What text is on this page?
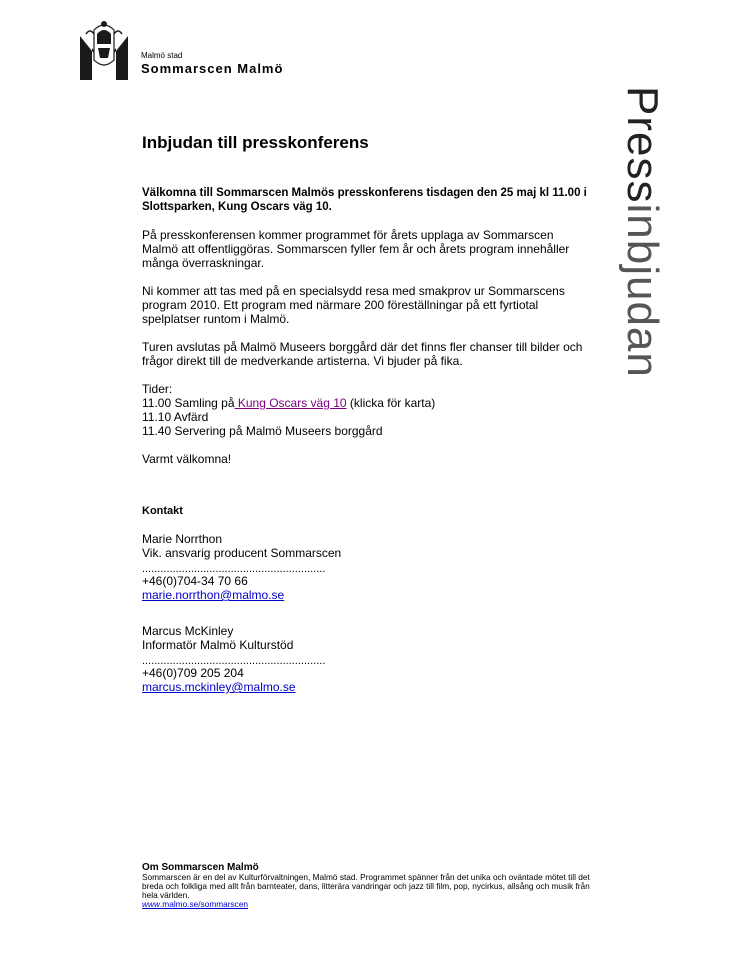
Malmö stad
Sommarscen Malmö
Pressinbjudan
Inbjudan till presskonferens

Välkomna till Sommarscen Malmös presskonferens tisdagen den 25 maj kl 11.00 i Slottsparken, Kung Oscars väg 10.

På presskonferensen kommer programmet för årets upplaga av Sommarscen Malmö att offentliggöras. Sommarscen fyller fem år och årets program innehåller många överraskningar.

Ni kommer att tas med på en specialsydd resa med smakprov ur Sommarscens program 2010. Ett program med närmare 200 föreställningar på ett fyrtiotal spelplatser runtom i Malmö.

Turen avslutas på Malmö Museers borggård där det finns fler chanser till bilder och frågor direkt till de medverkande artisterna. Vi bjuder på fika.

Tider:
11.00 Samling på Kung Oscars väg 10 (klicka för karta)
11.10 Avfärd
11.40 Servering på Malmö Museers borggård

Varmt välkomna!

Kontakt
Marie Norrthon
Vik. ansvarig producent Sommarscen
............................................................
+46(0)704-34 70 66
marie.norrthon@malmo.se
Marcus McKinley
Informatör Malmö Kulturstöd
............................................................
+46(0)709 205 204
marcus.mckinley@malmo.se
Om Sommarscen Malmö
Sommarscen är en del av Kulturförvaltningen, Malmö stad. Programmet spänner från det unika och oväntade mötet till det breda och folkliga med allt från barnteater, dans, litterära vandringar och jazz till film, pop, nycirkus, allsång och musik från hela världen.
www.malmo.se/sommarscen
